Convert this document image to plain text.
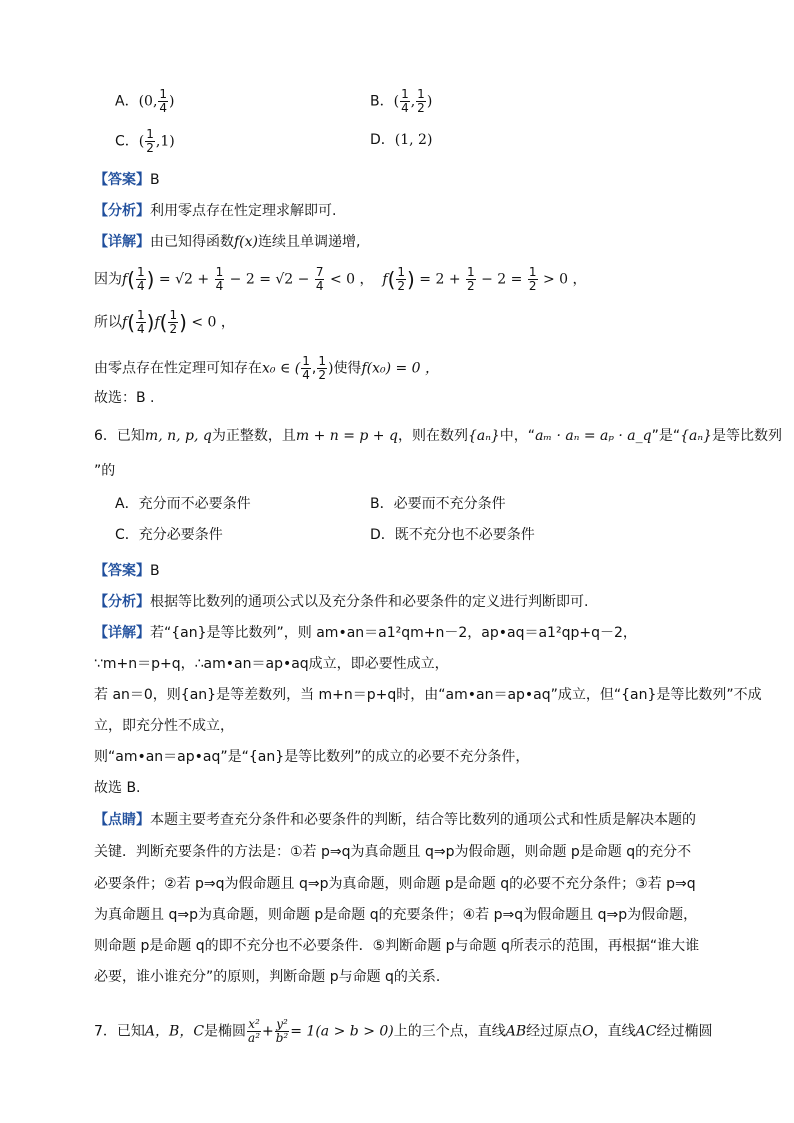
A．(0, $\frac{1}{4}$ )	B．( $\frac{1}{4}$ , $\frac{1}{2}$ )
C．( $\frac{1}{2} ,1$)	D．(1, 2)
【答案】B
【分析】利用零点存在性定理求解即可.
【详解】由已知得函数f(x)连续且单调递增,
因为$f( \frac{1}{4}$ ) = $√2 + \frac{1}{4} - 2 = √2 - \frac{7}{4} < 0$ ， $f( \frac{1}{2}$ ) = $2 + \frac{1}{2} - 2 = \frac{1}{2} > 0$ ，
所以$f( \frac{1}{4} )f( \frac{1}{2}$ ) < 0 ，
由零点存在性定理可知存在x₀ ∈ ( $\frac{1}{4}$ , $\frac{1}{2}$ )使得f(x₀) = 0 ，
故选：B .
6．已知m, n, p, q为正整数，且m + n = p + q，则在数列{aₙ}中，“aₘ · aₙ = aₚ · a_q”是“{aₙ}是等比数列
”的
A．充分而不必要条件	B．必要而不充分条件
C．充分必要条件	D．既不充分也不必要条件
【答案】B
【分析】根据等比数列的通项公式以及充分条件和必要条件的定义进行判断即可.
【详解】若“{an}是等比数列”，则 am•an＝a1²qm+n－2，ap•aq＝a1²qp+q－2，
∵m+n＝p+q，∴am•an＝ap•aq成立，即必要性成立，
若 an＝0，则{an}是等差数列，当 m+n＝p+q时，由“am•an＝ap•aq”成立，但“{an}是等比数列”不成
立，即充分性不成立，
则“am•an＝ap•aq”是“{an}是等比数列”的成立的必要不充分条件，
故选 B.
【点睛】本题主要考查充分条件和必要条件的判断，结合等比数列的通项公式和性质是解决本题的
关键．判断充要条件的方法是：①若 p⇒q为真命题且 q⇒p为假命题，则命题 p是命题 q的充分不
必要条件；②若 p⇒q为假命题且 q⇒p为真命题，则命题 p是命题 q的必要不充分条件；③若 p⇒q
为真命题且 q⇒p为真命题，则命题 p是命题 q的充要条件；④若 p⇒q为假命题且 q⇒p为假命题，
则命题 p是命题 q的即不充分也不必要条件．⑤判断命题 p与命题 q所表示的范围，再根据“谁大谁
必要，谁小谁充分”的原则，判断命题 p与命题 q的关系．
7．已知A，B，C是椭圆 $\frac{\text{x²}}{\text{a²}} + \frac{\text{y²}}{\text{b²}} = 1(a > b > 0)$上的三个点，直线AB经过原点O，直线AC经过椭圆
